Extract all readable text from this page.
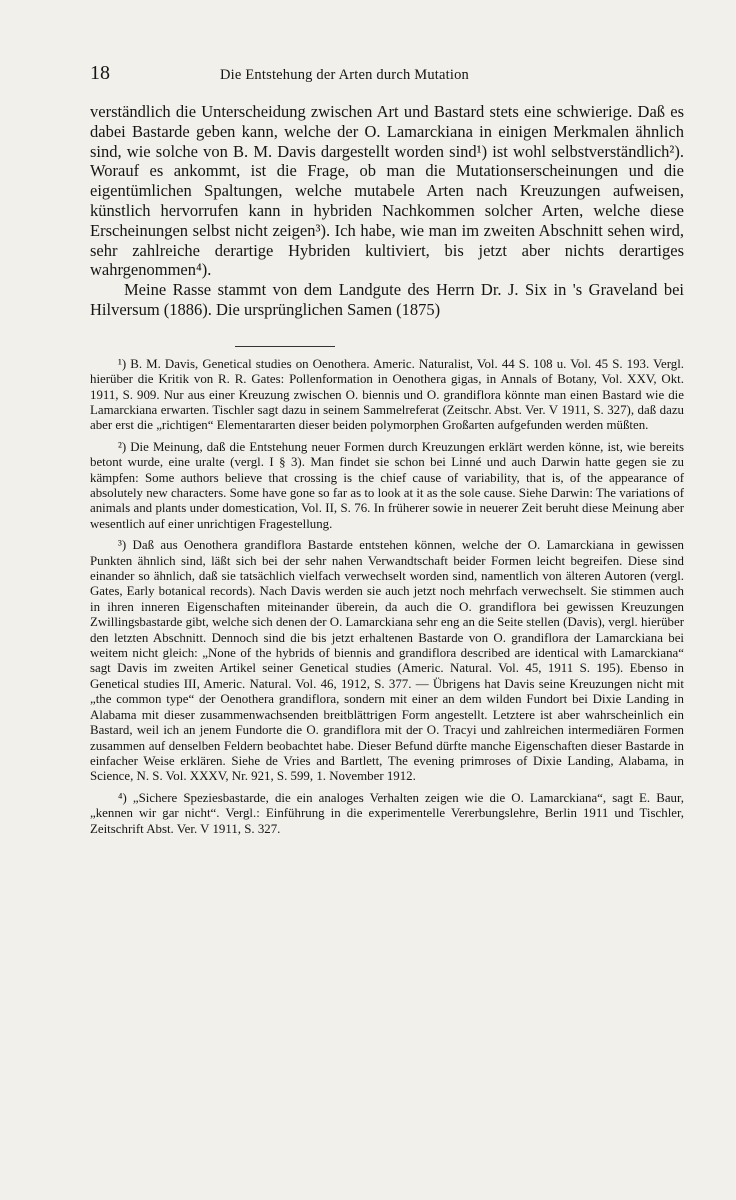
18	Die Entstehung der Arten durch Mutation

verständlich die Unterscheidung zwischen Art und Bastard stets eine schwierige. Daß es dabei Bastarde geben kann, welche der O. Lamarckiana in einigen Merkmalen ähnlich sind, wie solche von B. M. Davis dargestellt worden sind¹) ist wohl selbstverständlich²). Worauf es ankommt, ist die Frage, ob man die Mutationserscheinungen und die eigentümlichen Spaltungen, welche mutabele Arten nach Kreuzungen aufweisen, künstlich hervorrufen kann in hybriden Nachkommen solcher Arten, welche diese Erscheinungen selbst nicht zeigen³). Ich habe, wie man im zweiten Abschnitt sehen wird, sehr zahlreiche derartige Hybriden kultiviert, bis jetzt aber nichts derartiges wahrgenommen⁴).

Meine Rasse stammt von dem Landgute des Herrn Dr. J. Six in 's Graveland bei Hilversum (1886). Die ursprünglichen Samen (1875)

¹) B. M. Davis, Genetical studies on Oenothera. Americ. Naturalist, Vol. 44 S. 108 u. Vol. 45 S. 193. Vergl. hierüber die Kritik von R. R. Gates: Pollenformation in Oenothera gigas, in Annals of Botany, Vol. XXV, Okt. 1911, S. 909. Nur aus einer Kreuzung zwischen O. biennis und O. grandiflora könnte man einen Bastard wie die Lamarckiana erwarten. Tischler sagt dazu in seinem Sammelreferat (Zeitschr. Abst. Ver. V 1911, S. 327), daß dazu aber erst die „richtigen“ Elementararten dieser beiden polymorphen Großarten aufgefunden werden müßten.

²) Die Meinung, daß die Entstehung neuer Formen durch Kreuzungen erklärt werden könne, ist, wie bereits betont wurde, eine uralte (vergl. I § 3). Man findet sie schon bei Linné und auch Darwin hatte gegen sie zu kämpfen: Some authors believe that crossing is the chief cause of variability, that is, of the appearance of absolutely new characters. Some have gone so far as to look at it as the sole cause. Siehe Darwin: The variations of animals and plants under domestication, Vol. II, S. 76. In früherer sowie in neuerer Zeit beruht diese Meinung aber wesentlich auf einer unrichtigen Fragestellung.

³) Daß aus Oenothera grandiflora Bastarde entstehen können, welche der O. Lamarckiana in gewissen Punkten ähnlich sind, läßt sich bei der sehr nahen Verwandtschaft beider Formen leicht begreifen. Diese sind einander so ähnlich, daß sie tatsächlich vielfach verwechselt worden sind, namentlich von älteren Autoren (vergl. Gates, Early botanical records). Nach Davis werden sie auch jetzt noch mehrfach verwechselt. Sie stimmen auch in ihren inneren Eigenschaften miteinander überein, da auch die O. grandiflora bei gewissen Kreuzungen Zwillingsbastarde gibt, welche sich denen der O. Lamarckiana sehr eng an die Seite stellen (Davis), vergl. hierüber den letzten Abschnitt. Dennoch sind die bis jetzt erhaltenen Bastarde von O. grandiflora der Lamarckiana bei weitem nicht gleich: „None of the hybrids of biennis and grandiflora described are identical with Lamarckiana“ sagt Davis im zweiten Artikel seiner Genetical studies (Americ. Natural. Vol. 45, 1911 S. 195). Ebenso in Genetical studies III, Americ. Natural. Vol. 46, 1912, S. 377. — Übrigens hat Davis seine Kreuzungen nicht mit „the common type“ der Oenothera grandiflora, sondern mit einer an dem wilden Fundort bei Dixie Landing in Alabama mit dieser zusammenwachsenden breitblättrigen Form angestellt. Letztere ist aber wahrscheinlich ein Bastard, weil ich an jenem Fundorte die O. grandiflora mit der O. Tracyi und zahlreichen intermediären Formen zusammen auf denselben Feldern beobachtet habe. Dieser Befund dürfte manche Eigenschaften dieser Bastarde in einfacher Weise erklären. Siehe de Vries and Bartlett, The evening primroses of Dixie Landing, Alabama, in Science, N. S. Vol. XXXV, Nr. 921, S. 599, 1. November 1912.

⁴) „Sichere Speziesbastarde, die ein analoges Verhalten zeigen wie die O. Lamarckiana“, sagt E. Baur, „kennen wir gar nicht“. Vergl.: Einführung in die experimentelle Vererbungslehre, Berlin 1911 und Tischler, Zeitschrift Abst. Ver. V 1911, S. 327.
